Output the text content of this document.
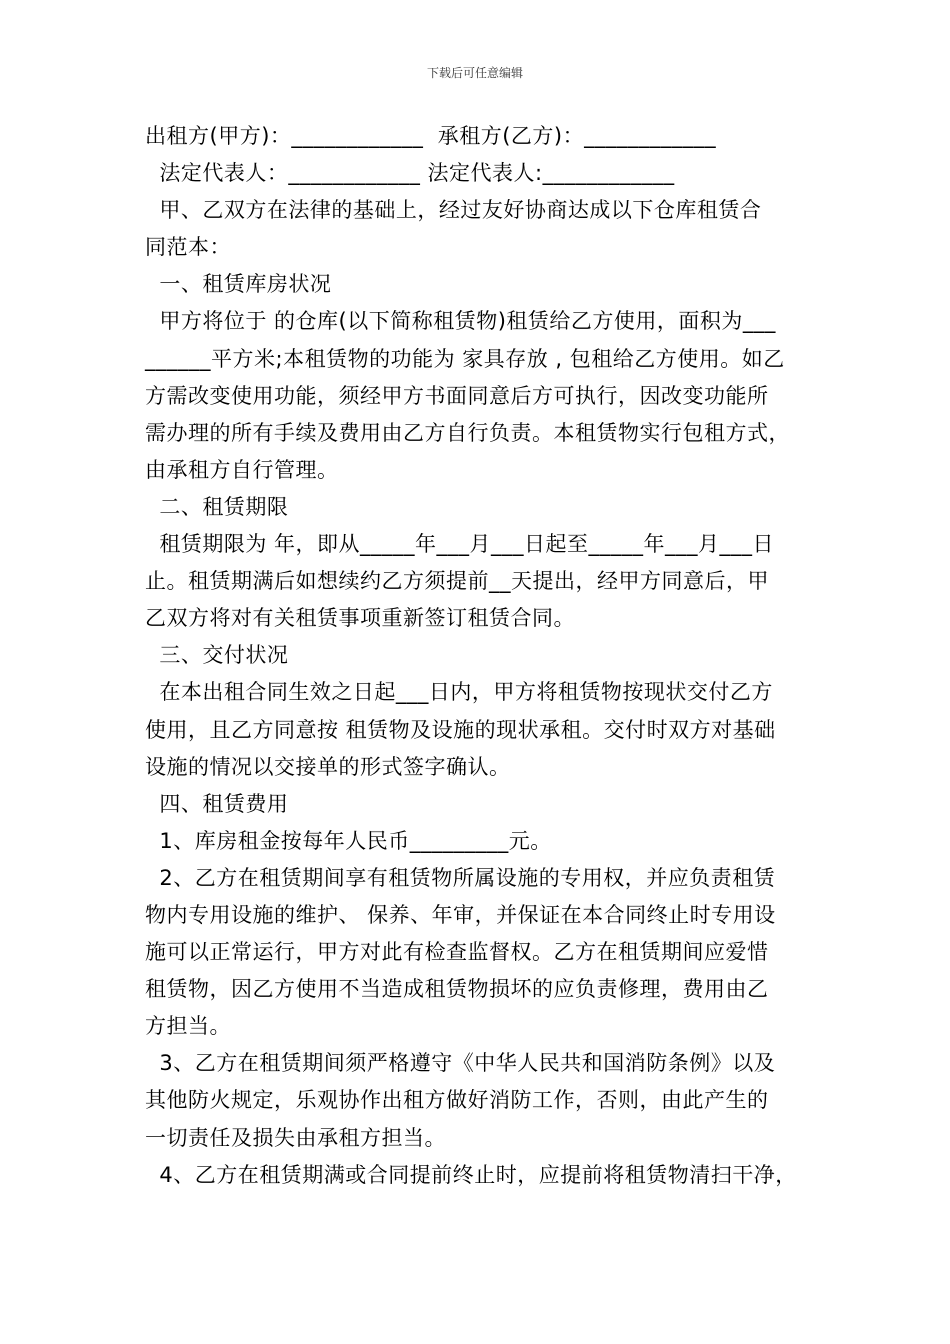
下载后可任意编辑
出租方(甲方)：____________  承租方(乙方)：____________
法定代表人：____________ 法定代表人:____________
甲、乙双方在法律的基础上，经过友好协商达成以下仓库租赁合
同范本：
一、租赁库房状况
甲方将位于 的仓库(以下简称租赁物)租赁给乙方使用，面积为___
______平方米;本租赁物的功能为 家具存放 , 包租给乙方使用。如乙
方需改变使用功能，须经甲方书面同意后方可执行，因改变功能所
需办理的所有手续及费用由乙方自行负责。本租赁物实行包租方式，
由承租方自行管理。
二、租赁期限
租赁期限为 年，即从_____年___月___日起至_____年___月___日
止。租赁期满后如想续约乙方须提前__天提出，经甲方同意后，甲
乙双方将对有关租赁事项重新签订租赁合同。
三、交付状况
在本出租合同生效之日起___日内，甲方将租赁物按现状交付乙方
使用，且乙方同意按 租赁物及设施的现状承租。交付时双方对基础
设施的情况以交接单的形式签字确认。
四、租赁费用
1、库房租金按每年人民币_________元。
2、乙方在租赁期间享有租赁物所属设施的专用权，并应负责租赁
物内专用设施的维护、 保养、年审，并保证在本合同终止时专用设
施可以正常运行，甲方对此有检查监督权。乙方在租赁期间应爱惜
租赁物，因乙方使用不当造成租赁物损坏的应负责修理，费用由乙
方担当。
3、乙方在租赁期间须严格遵守《中华人民共和国消防条例》以及
其他防火规定，乐观协作出租方做好消防工作，否则，由此产生的
一切责任及损失由承租方担当。
4、乙方在租赁期满或合同提前终止时，应提前将租赁物清扫干净，
